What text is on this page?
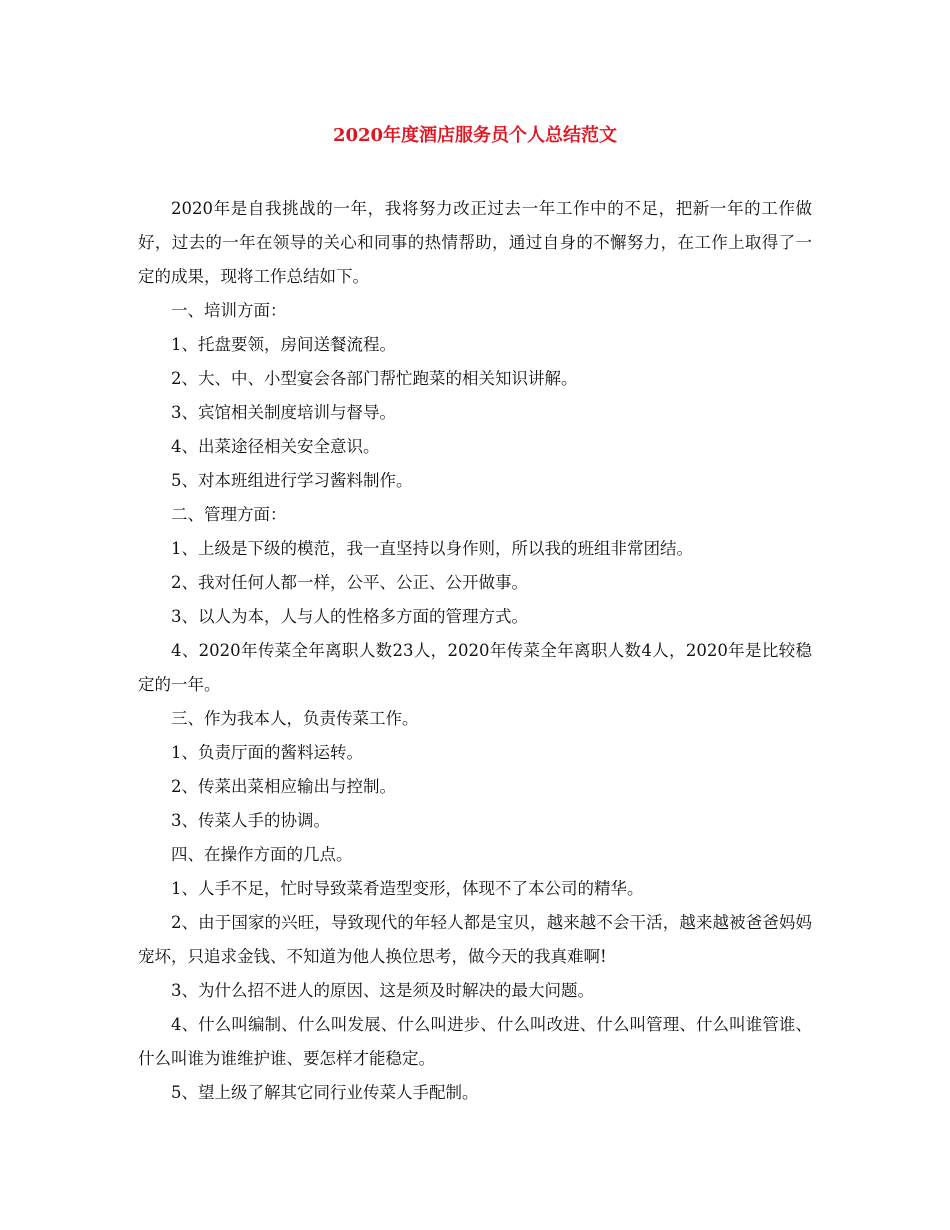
2020年度酒店服务员个人总结范文

2020年是自我挑战的一年，我将努力改正过去一年工作中的不足，把新一年的工作做好，过去的一年在领导的关心和同事的热情帮助，通过自身的不懈努力，在工作上取得了一定的成果，现将工作总结如下。

一、培训方面：

1、托盘要领，房间送餐流程。

2、大、中、小型宴会各部门帮忙跑菜的相关知识讲解。

3、宾馆相关制度培训与督导。

4、出菜途径相关安全意识。

5、对本班组进行学习酱料制作。

二、管理方面：

1、上级是下级的模范，我一直坚持以身作则，所以我的班组非常团结。

2、我对任何人都一样，公平、公正、公开做事。

3、以人为本，人与人的性格多方面的管理方式。

4、2020年传菜全年离职人数23人，2020年传菜全年离职人数4人，2020年是比较稳定的一年。

三、作为我本人，负责传菜工作。

1、负责厅面的酱料运转。

2、传菜出菜相应输出与控制。

3、传菜人手的协调。

四、在操作方面的几点。

1、人手不足，忙时导致菜肴造型变形，体现不了本公司的精华。

2、由于国家的兴旺，导致现代的年轻人都是宝贝，越来越不会干活，越来越被爸爸妈妈宠坏，只追求金钱、不知道为他人换位思考，做今天的我真难啊!

3、为什么招不进人的原因、这是须及时解决的最大问题。

4、什么叫编制、什么叫发展、什么叫进步、什么叫改进、什么叫管理、什么叫谁管谁、什么叫谁为谁维护谁、要怎样才能稳定。

5、望上级了解其它同行业传菜人手配制。
